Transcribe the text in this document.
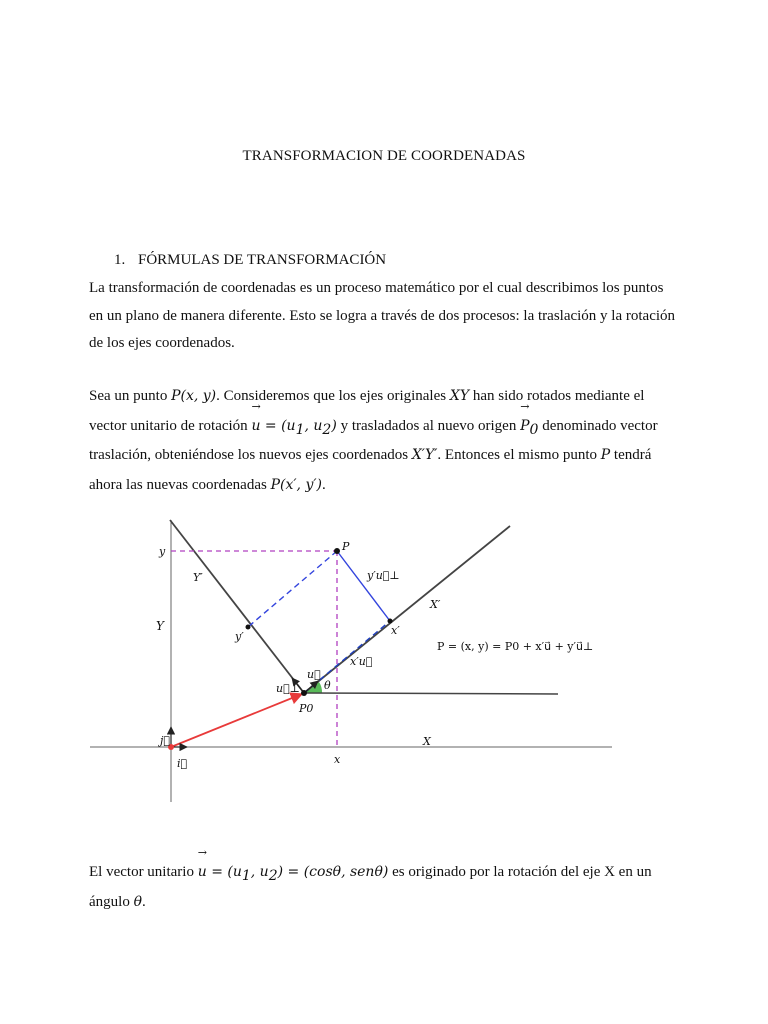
TRANSFORMACION DE COORDENADAS
1. FÓRMULAS DE TRANSFORMACIÓN
La transformación de coordenadas es un proceso matemático por el cual describimos los puntos en un plano de manera diferente. Esto se logra a través de dos procesos: la traslación y la rotación de los ejes coordenados.
Sea un punto P(x, y). Consideremos que los ejes originales XY han sido rotados mediante el vector unitario de rotación → $u = (u_1$, $u_2$) y trasladados al nuevo origen → $P_0$ denominado vector traslación, obteniéndose los nuevos ejes coordenados X′Y′. Entonces el mismo punto P tendrá ahora las nuevas coordenadas P(x′, y′).
y
Y
Y′
y′
P
y′u⃗⊥
X′
x′
x′u⃗
u⃗
θ
u⃗⊥
P0
j⃗
i⃗
X
x
P = (x, y) = P0 + x′u⃗ + y′u⃗⊥
El vector unitario → $u = (u_1$, $u_2) = (\cos\theta$, senθ) es originado por la rotación del eje X en un ángulo θ.
